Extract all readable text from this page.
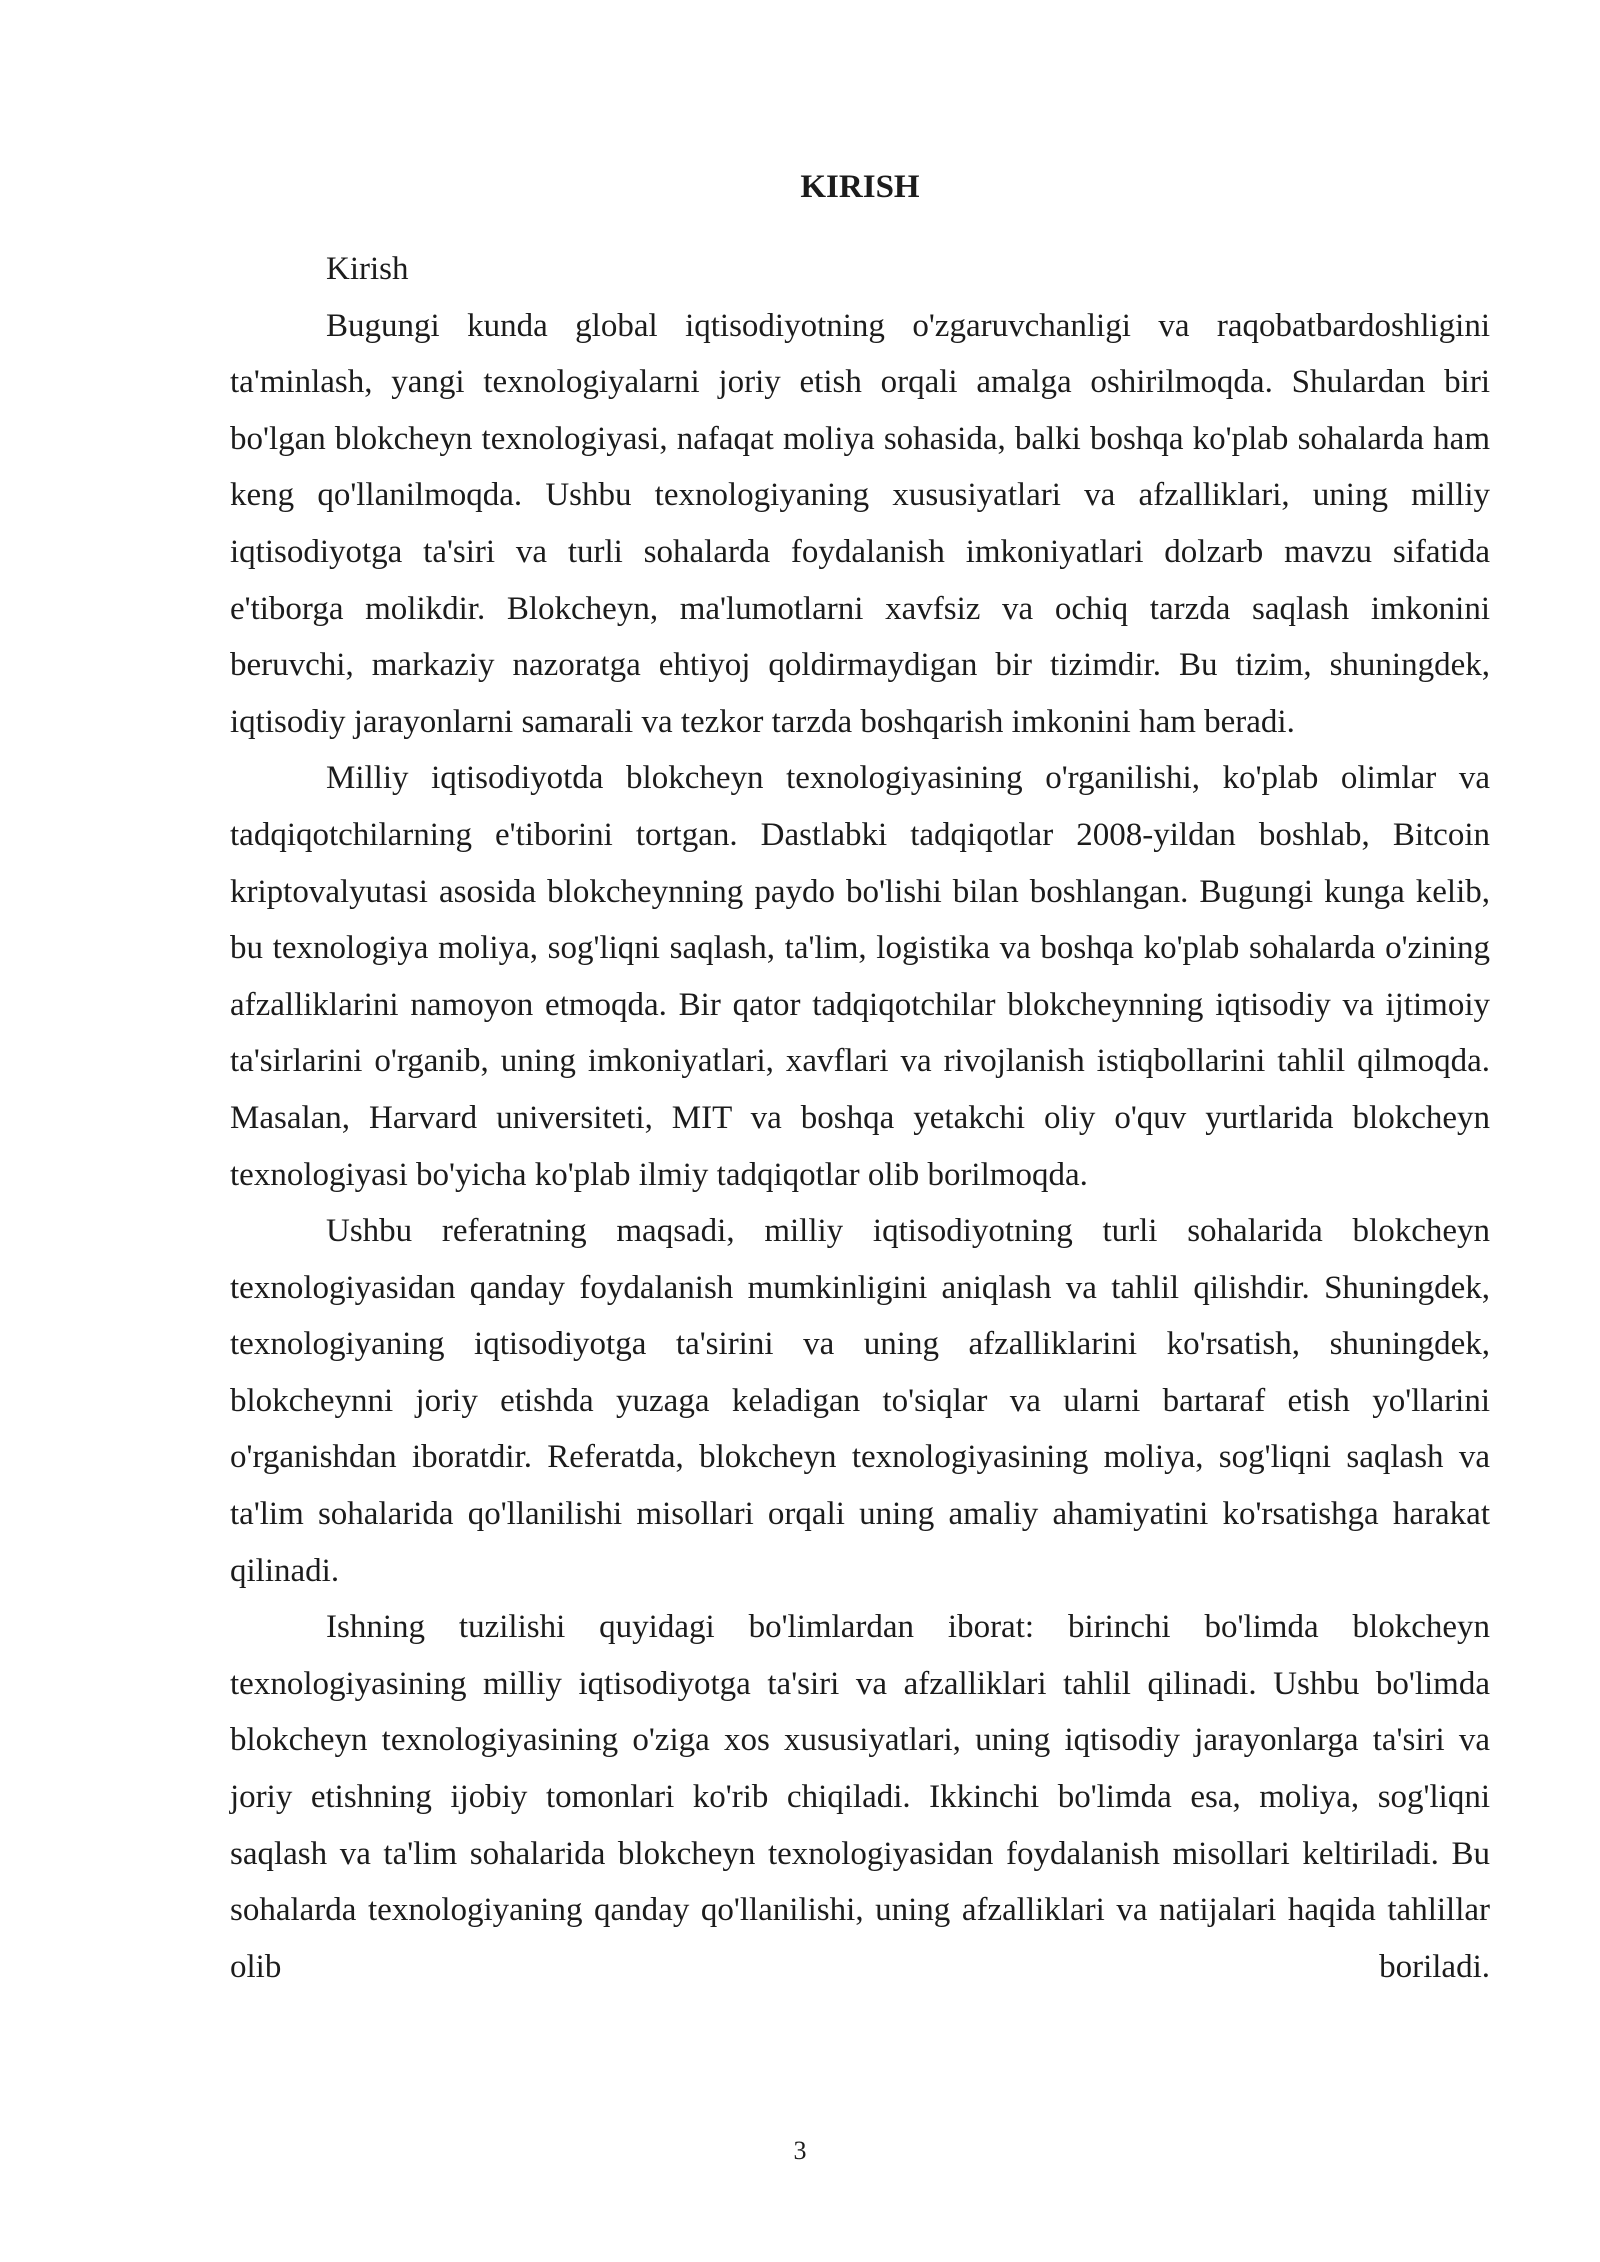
KIRISH

Kirish

Bugungi kunda global iqtisodiyotning o'zgaruvchanligi va raqobatbardoshligini ta'minlash, yangi texnologiyalarni joriy etish orqali amalga oshirilmoqda. Shulardan biri bo'lgan blokcheyn texnologiyasi, nafaqat moliya sohasida, balki boshqa ko'plab sohalarda ham keng qo'llanilmoqda. Ushbu texnologiyaning xususiyatlari va afzalliklari, uning milliy iqtisodiyotga ta'siri va turli sohalarda foydalanish imkoniyatlari dolzarb mavzu sifatida e'tiborga molikdir. Blokcheyn, ma'lumotlarni xavfsiz va ochiq tarzda saqlash imkonini beruvchi, markaziy nazoratga ehtiyoj qoldirmaydigan bir tizimdir. Bu tizim, shuningdek, iqtisodiy jarayonlarni samarali va tezkor tarzda boshqarish imkonini ham beradi.

Milliy iqtisodiyotda blokcheyn texnologiyasining o'rganilishi, ko'plab olimlar va tadqiqotchilarning e'tiborini tortgan. Dastlabki tadqiqotlar 2008-yildan boshlab, Bitcoin kriptovalyutasi asosida blokcheynning paydo bo'lishi bilan boshlangan. Bugungi kunga kelib, bu texnologiya moliya, sog'liqni saqlash, ta'lim, logistika va boshqa ko'plab sohalarda o'zining afzalliklarini namoyon etmoqda. Bir qator tadqiqotchilar blokcheynning iqtisodiy va ijtimoiy ta'sirlarini o'rganib, uning imkoniyatlari, xavflari va rivojlanish istiqbollarini tahlil qilmoqda. Masalan, Harvard universiteti, MIT va boshqa yetakchi oliy o'quv yurtlarida blokcheyn texnologiyasi bo'yicha ko'plab ilmiy tadqiqotlar olib borilmoqda.

Ushbu referatning maqsadi, milliy iqtisodiyotning turli sohalarida blokcheyn texnologiyasidan qanday foydalanish mumkinligini aniqlash va tahlil qilishdir. Shuningdek, texnologiyaning iqtisodiyotga ta'sirini va uning afzalliklarini ko'rsatish, shuningdek, blokcheynni joriy etishda yuzaga keladigan to'siqlar va ularni bartaraf etish yo'llarini o'rganishdan iboratdir. Referatda, blokcheyn texnologiyasining moliya, sog'liqni saqlash va ta'lim sohalarida qo'llanilishi misollari orqali uning amaliy ahamiyatini ko'rsatishga harakat qilinadi.

Ishning tuzilishi quyidagi bo'limlardan iborat: birinchi bo'limda blokcheyn texnologiyasining milliy iqtisodiyotga ta'siri va afzalliklari tahlil qilinadi. Ushbu bo'limda blokcheyn texnologiyasining o'ziga xos xususiyatlari, uning iqtisodiy jarayonlarga ta'siri va joriy etishning ijobiy tomonlari ko'rib chiqiladi. Ikkinchi bo'limda esa, moliya, sog'liqni saqlash va ta'lim sohalarida blokcheyn texnologiyasidan foydalanish misollari keltiriladi. Bu sohalarda texnologiyaning qanday qo'llanilishi, uning afzalliklari va natijalari haqida tahlillar olib boriladi.

3
